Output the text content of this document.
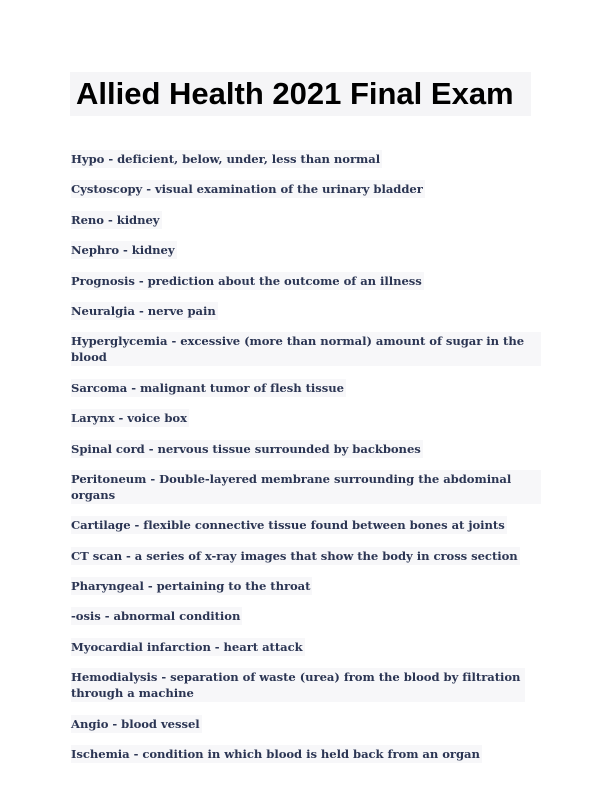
Allied Health 2021 Final Exam
Hypo - deficient, below, under, less than normal
Cystoscopy - visual examination of the urinary bladder
Reno - kidney
Nephro - kidney
Prognosis - prediction about the outcome of an illness
Neuralgia - nerve pain
Hyperglycemia - excessive (more than normal) amount of sugar in the blood
Sarcoma - malignant tumor of flesh tissue
Larynx - voice box
Spinal cord - nervous tissue surrounded by backbones
Peritoneum - Double-layered membrane surrounding the abdominal organs
Cartilage - flexible connective tissue found between bones at joints
CT scan - a series of x-ray images that show the body in cross section
Pharyngeal - pertaining to the throat
-osis - abnormal condition
Myocardial infarction - heart attack
Hemodialysis - separation of waste (urea) from the blood by filtration through a machine
Angio - blood vessel
Ischemia - condition in which blood is held back from an organ
